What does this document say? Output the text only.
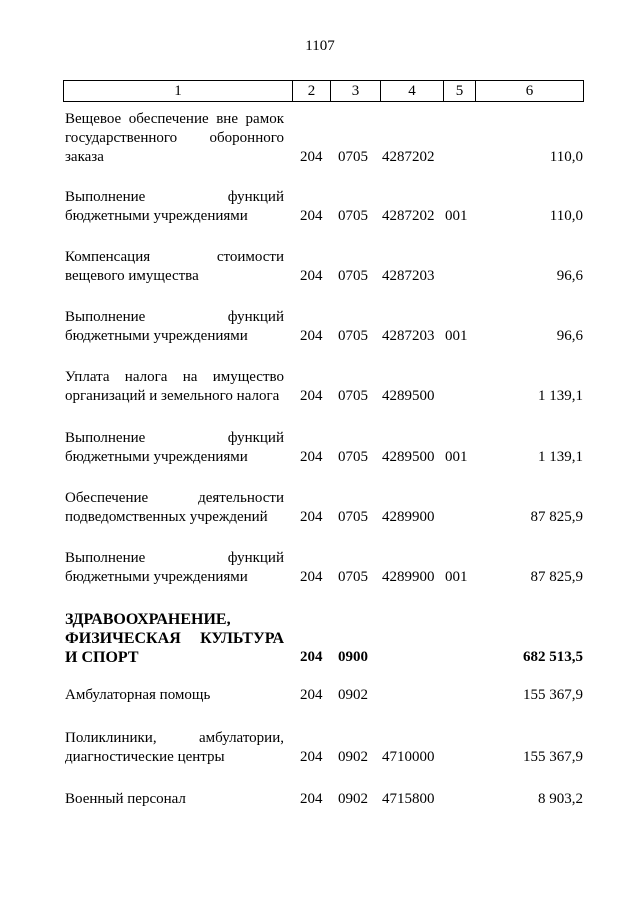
1107
1	2	3	4	5	6
Вещевое обеспечение вне рамок государственного оборонного заказа	204 0705 4287202	110,0
Выполнение функций бюджетными учреждениями	204 0705 4287202 001	110,0
Компенсация стоимости вещевого имущества	204 0705 4287203	96,6
Выполнение функций бюджетными учреждениями	204 0705 4287203 001	96,6
Уплата налога на имущество организаций и земельного налога	204 0705 4289500	1 139,1
Выполнение функций бюджетными учреждениями	204 0705 4289500 001	1 139,1
Обеспечение деятельности подведомственных учреждений	204 0705 4289900	87 825,9
Выполнение функций бюджетными учреждениями	204 0705 4289900 001	87 825,9
ЗДРАВООХРАНЕНИЕ, ФИЗИЧЕСКАЯ КУЛЬТУРА И СПОРТ	204 0900	682 513,5
Амбулаторная помощь	204 0902	155 367,9
Поликлиники, амбулатории, диагностические центры	204 0902 4710000	155 367,9
Военный персонал	204 0902 4715800	8 903,2
